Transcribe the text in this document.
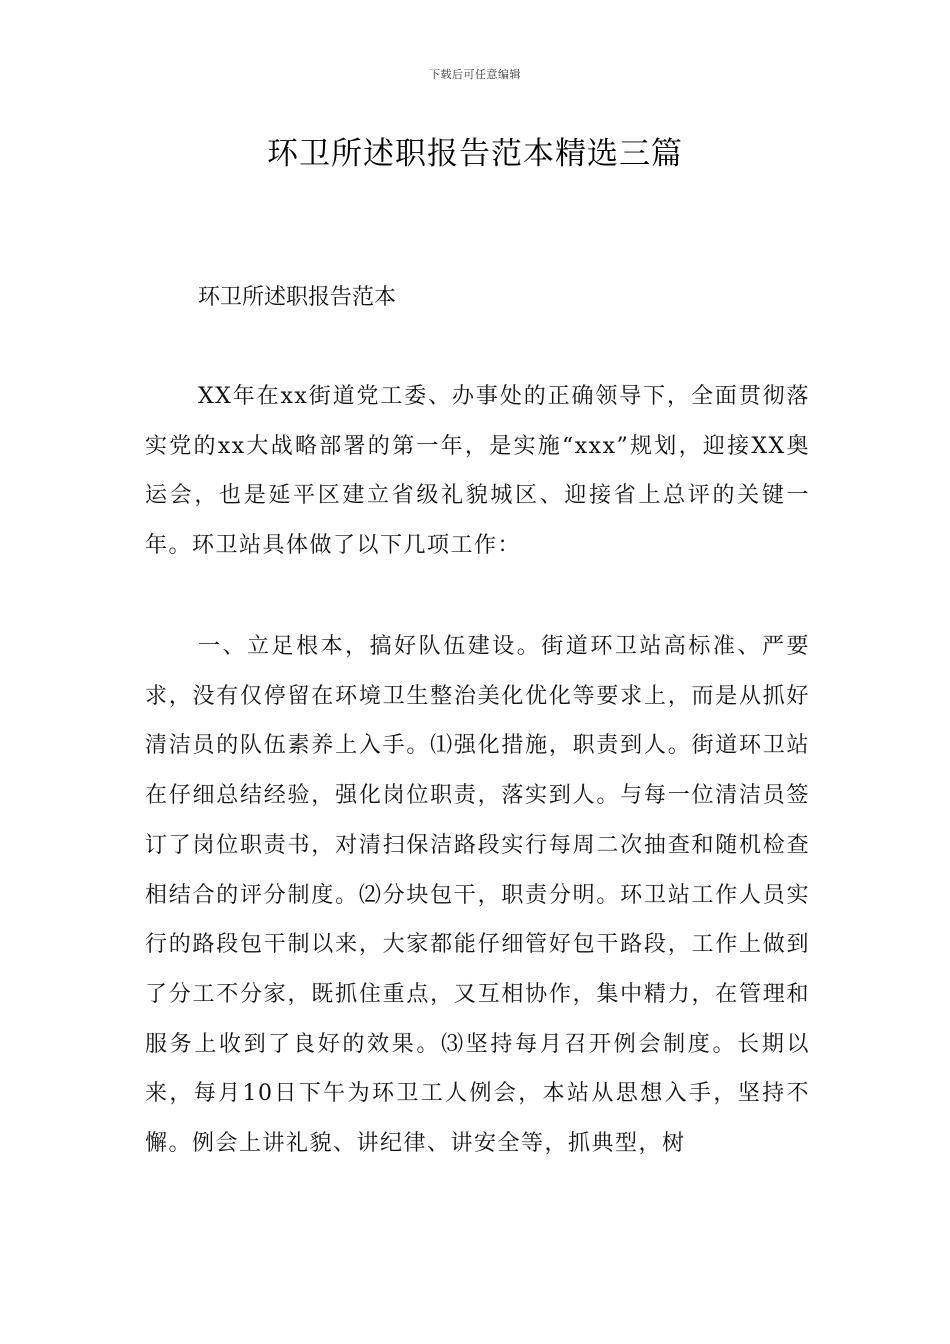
下载后可任意编辑
环卫所述职报告范本精选三篇

环卫所述职报告范本

XX年在xx街道党工委、办事处的正确领导下，全面贯彻落实党的xx大战略部署的第一年，是实施“xxx”规划，迎接XX奥运会，也是延平区建立省级礼貌城区、迎接省上总评的关键一年。环卫站具体做了以下几项工作：

一、立足根本，搞好队伍建设。街道环卫站高标准、严要求，没有仅停留在环境卫生整治美化优化等要求上，而是从抓好清洁员的队伍素养上入手。⑴强化措施，职责到人。街道环卫站在仔细总结经验，强化岗位职责，落实到人。与每一位清洁员签订了岗位职责书，对清扫保洁路段实行每周二次抽查和随机检查相结合的评分制度。⑵分块包干，职责分明。环卫站工作人员实行的路段包干制以来，大家都能仔细管好包干路段，工作上做到了分工不分家，既抓住重点，又互相协作，集中精力，在管理和服务上收到了良好的效果。⑶坚持每月召开例会制度。长期以来，每月10日下午为环卫工人例会，本站从思想入手，坚持不懈。例会上讲礼貌、讲纪律、讲安全等，抓典型，树
